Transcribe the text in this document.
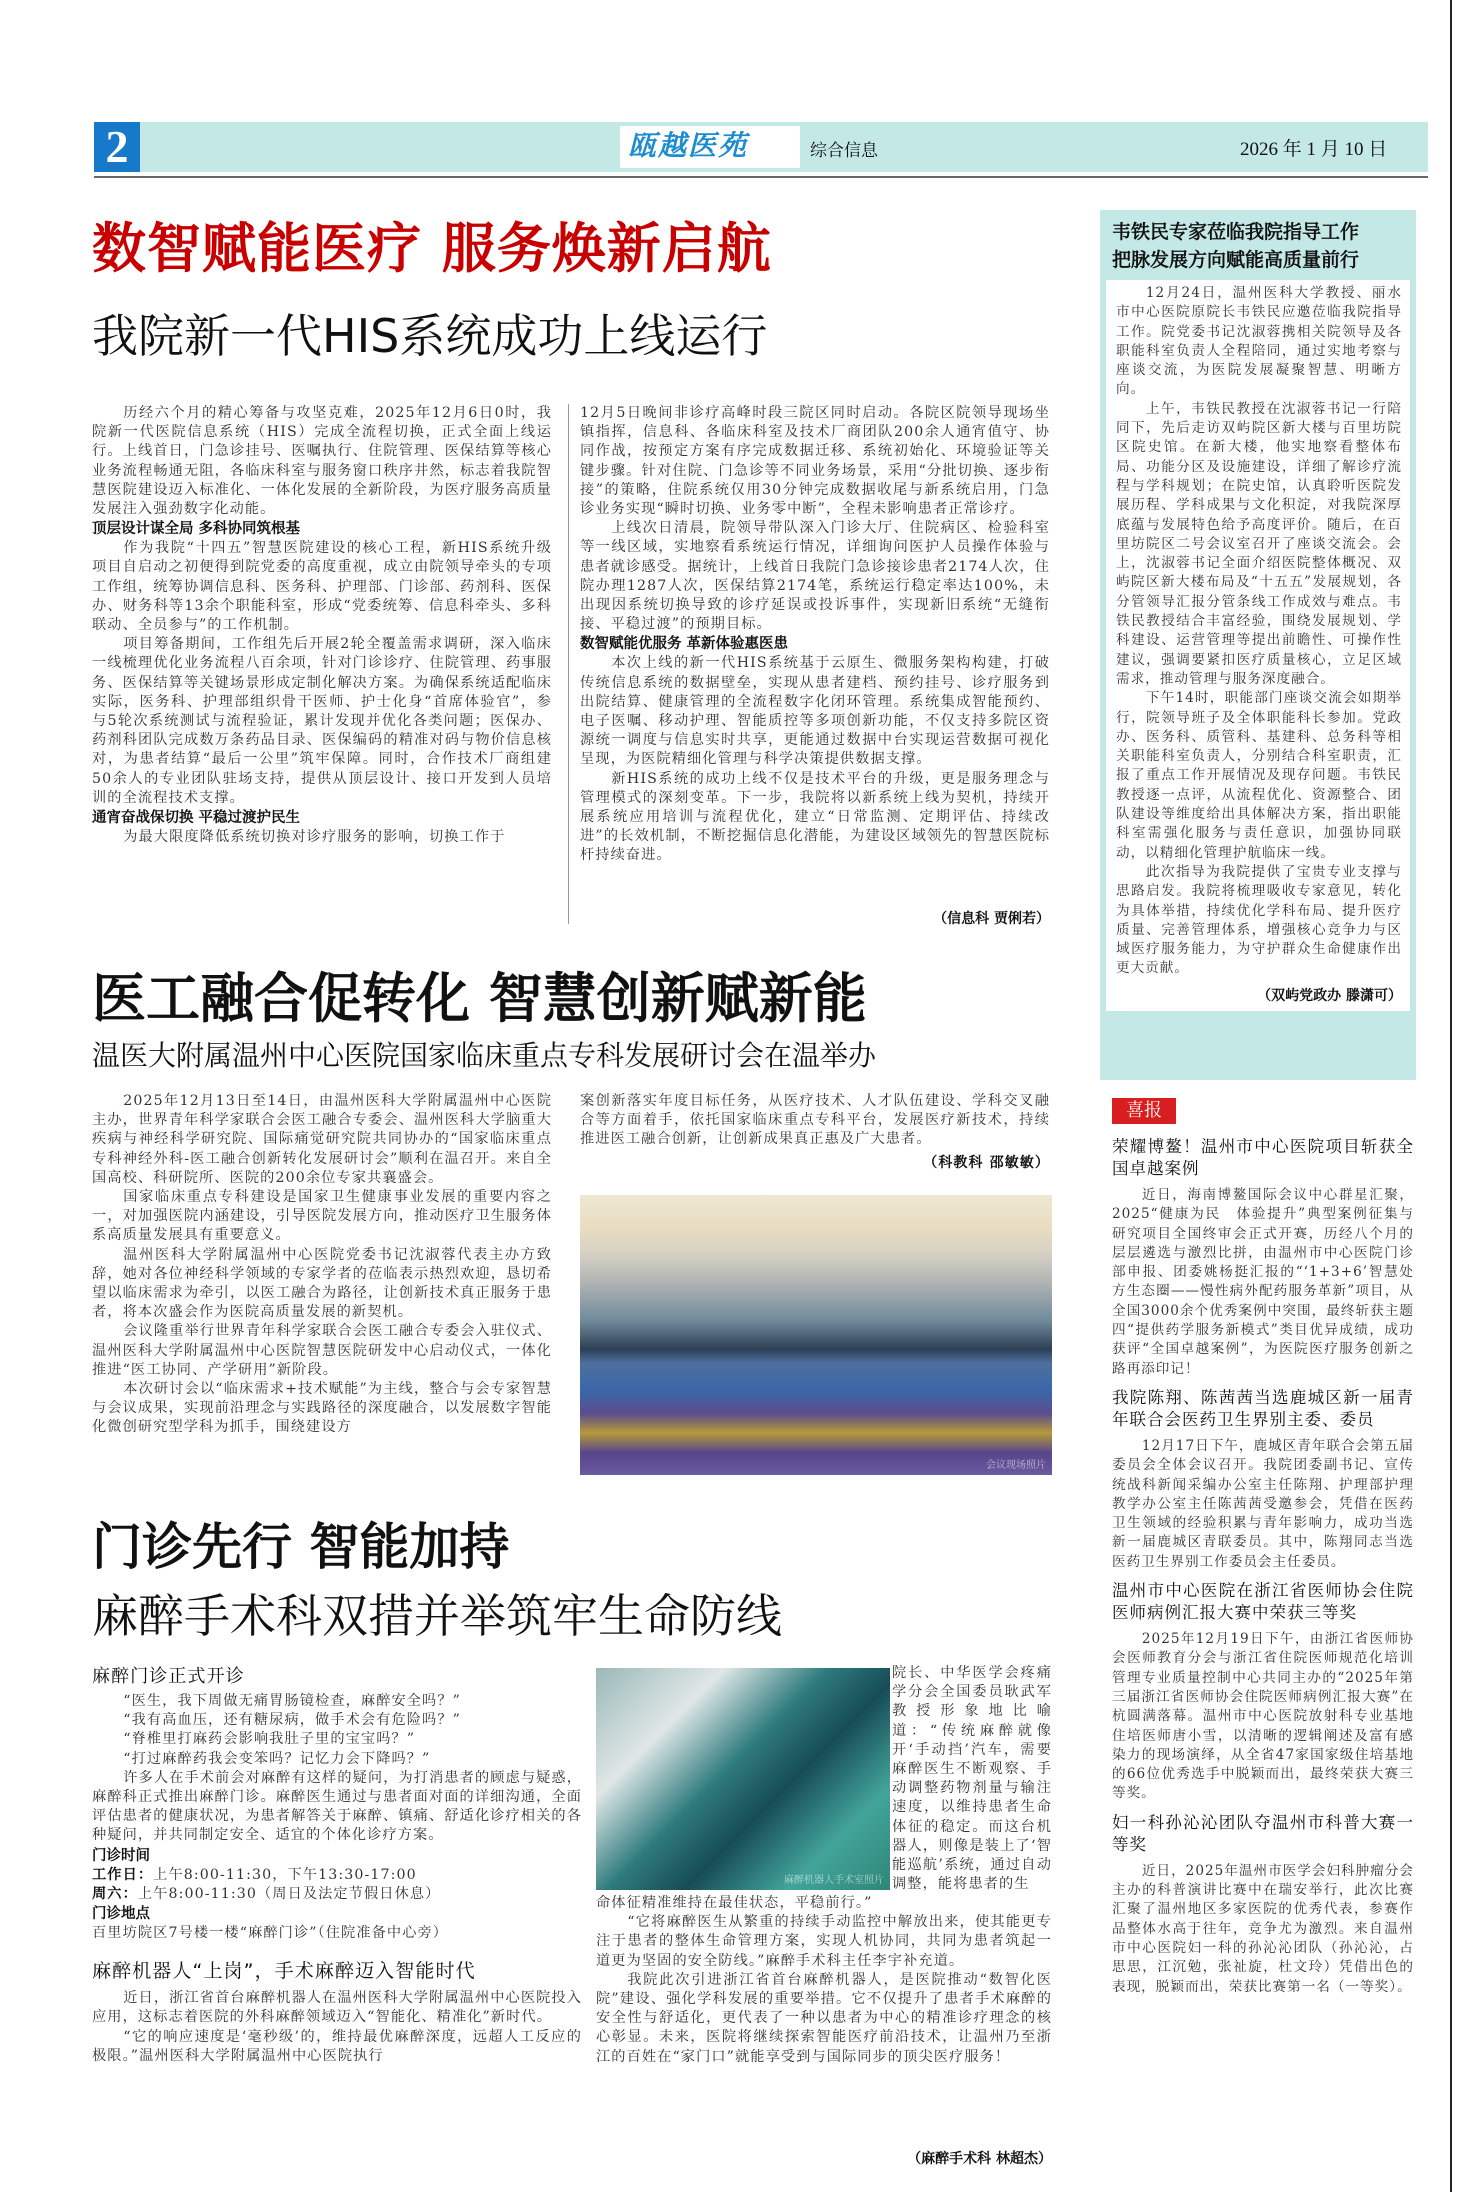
2	瓯越医苑	综合信息	2026 年 1 月 10 日
数智赋能医疗 服务焕新启航
我院新一代HIS系统成功上线运行

历经六个月的精心筹备与攻坚克难，2025年12月6日0时，我院新一代医院信息系统（HIS）完成全流程切换，正式全面上线运行。上线首日，门急诊挂号、医嘱执行、住院管理、医保结算等核心业务流程畅通无阻，各临床科室与服务窗口秩序井然，标志着我院智慧医院建设迈入标准化、一体化发展的全新阶段，为医疗服务高质量发展注入强劲数字化动能。

顶层设计谋全局 多科协同筑根基

作为我院“十四五”智慧医院建设的核心工程，新HIS系统升级项目自启动之初便得到院党委的高度重视，成立由院领导牵头的专项工作组，统筹协调信息科、医务科、护理部、门诊部、药剂科、医保办、财务科等13余个职能科室，形成“党委统筹、信息科牵头、多科联动、全员参与”的工作机制。

项目筹备期间，工作组先后开展2轮全覆盖需求调研，深入临床一线梳理优化业务流程八百余项，针对门诊诊疗、住院管理、药事服务、医保结算等关键场景形成定制化解决方案。为确保系统适配临床实际，医务科、护理部组织骨干医师、护士化身“首席体验官”，参与5轮次系统测试与流程验证，累计发现并优化各类问题；医保办、药剂科团队完成数万条药品目录、医保编码的精准对码与物价信息核对，为患者结算“最后一公里”筑牢保障。同时，合作技术厂商组建50余人的专业团队驻场支持，提供从顶层设计、接口开发到人员培训的全流程技术支撑。

通宵奋战保切换 平稳过渡护民生

为最大限度降低系统切换对诊疗服务的影响，切换工作于

12月5日晚间非诊疗高峰时段三院区同时启动。各院区院领导现场坐镇指挥，信息科、各临床科室及技术厂商团队200余人通宵值守、协同作战，按预定方案有序完成数据迁移、系统初始化、环境验证等关键步骤。针对住院、门急诊等不同业务场景，采用“分批切换、逐步衔接”的策略，住院系统仅用30分钟完成数据收尾与新系统启用，门急诊业务实现“瞬时切换、业务零中断”，全程未影响患者正常诊疗。

上线次日清晨，院领导带队深入门诊大厅、住院病区、检验科室等一线区域，实地察看系统运行情况，详细询问医护人员操作体验与患者就诊感受。据统计，上线首日我院门急诊接诊患者2174人次，住院办理1287人次，医保结算2174笔，系统运行稳定率达100%，未出现因系统切换导致的诊疗延误或投诉事件，实现新旧系统“无缝衔接、平稳过渡”的预期目标。

数智赋能优服务 革新体验惠医患

本次上线的新一代HIS系统基于云原生、微服务架构构建，打破传统信息系统的数据壁垒，实现从患者建档、预约挂号、诊疗服务到出院结算、健康管理的全流程数字化闭环管理。系统集成智能预约、电子医嘱、移动护理、智能质控等多项创新功能，不仅支持多院区资源统一调度与信息实时共享，更能通过数据中台实现运营数据可视化呈现，为医院精细化管理与科学决策提供数据支撑。

新HIS系统的成功上线不仅是技术平台的升级，更是服务理念与管理模式的深刻变革。下一步，我院将以新系统上线为契机，持续开展系统应用培训与流程优化，建立“日常监测、定期评估、持续改进”的长效机制，不断挖掘信息化潜能，为建设区域领先的智慧医院标杆持续奋进。

（信息科 贾俐若）
韦铁民专家莅临我院指导工作
把脉发展方向赋能高质量前行

12月24日，温州医科大学教授、丽水市中心医院原院长韦铁民应邀莅临我院指导工作。院党委书记沈淑蓉携相关院领导及各职能科室负责人全程陪同，通过实地考察与座谈交流，为医院发展凝聚智慧、明晰方向。

上午，韦铁民教授在沈淑蓉书记一行陪同下，先后走访双屿院区新大楼与百里坊院区院史馆。在新大楼，他实地察看整体布局、功能分区及设施建设，详细了解诊疗流程与学科规划；在院史馆，认真聆听医院发展历程、学科成果与文化积淀，对我院深厚底蕴与发展特色给予高度评价。随后，在百里坊院区二号会议室召开了座谈交流会。会上，沈淑蓉书记全面介绍医院整体概况、双屿院区新大楼布局及“十五五”发展规划，各分管领导汇报分管条线工作成效与难点。韦铁民教授结合丰富经验，围绕发展规划、学科建设、运营管理等提出前瞻性、可操作性建议，强调要紧扣医疗质量核心，立足区域需求，推动管理与服务深度融合。

下午14时，职能部门座谈交流会如期举行，院领导班子及全体职能科长参加。党政办、医务科、质管科、基建科、总务科等相关职能科室负责人，分别结合科室职责，汇报了重点工作开展情况及现存问题。韦铁民教授逐一点评，从流程优化、资源整合、团队建设等维度给出具体解决方案，指出职能科室需强化服务与责任意识，加强协同联动，以精细化管理护航临床一线。

此次指导为我院提供了宝贵专业支撑与思路启发。我院将梳理吸收专家意见，转化为具体举措，持续优化学科布局、提升医疗质量、完善管理体系，增强核心竞争力与区域医疗服务能力，为守护群众生命健康作出更大贡献。

（双屿党政办 滕潇可）
医工融合促转化 智慧创新赋新能
温医大附属温州中心医院国家临床重点专科发展研讨会在温举办

2025年12月13日至14日，由温州医科大学附属温州中心医院主办，世界青年科学家联合会医工融合专委会、温州医科大学脑重大疾病与神经科学研究院、国际痛觉研究院共同协办的“国家临床重点专科神经外科-医工融合创新转化发展研讨会”顺利在温召开。来自全国高校、科研院所、医院的200余位专家共襄盛会。

国家临床重点专科建设是国家卫生健康事业发展的重要内容之一，对加强医院内涵建设，引导医院发展方向，推动医疗卫生服务体系高质量发展具有重要意义。

温州医科大学附属温州中心医院党委书记沈淑蓉代表主办方致辞，她对各位神经科学领域的专家学者的莅临表示热烈欢迎，恳切希望以临床需求为牵引，以医工融合为路径，让创新技术真正服务于患者，将本次盛会作为医院高质量发展的新契机。

会议隆重举行世界青年科学家联合会医工融合专委会入驻仪式、温州医科大学附属温州中心医院智慧医院研发中心启动仪式，一体化推进“医工协同、产学研用”新阶段。

本次研讨会以“临床需求+技术赋能”为主线，整合与会专家智慧与会议成果，实现前沿理念与实践路径的深度融合，以发展数字智能化微创研究型学科为抓手，围绕建设方

案创新落实年度目标任务，从医疗技术、人才队伍建设、学科交叉融合等方面着手，依托国家临床重点专科平台，发展医疗新技术，持续推进医工融合创新，让创新成果真正惠及广大患者。

（科教科 邵敏敏）
会议现场照片
门诊先行 智能加持
麻醉手术科双措并举筑牢生命防线
麻醉门诊正式开诊
“医生，我下周做无痛胃肠镜检查，麻醉安全吗？”
“我有高血压，还有糖尿病，做手术会有危险吗？”
“脊椎里打麻药会影响我肚子里的宝宝吗？”
“打过麻醉药我会变笨吗？记忆力会下降吗？”

许多人在手术前会对麻醉有这样的疑问，为打消患者的顾虑与疑惑，麻醉科正式推出麻醉门诊。麻醉医生通过与患者面对面的详细沟通，全面评估患者的健康状况，为患者解答关于麻醉、镇痛、舒适化诊疗相关的各种疑问，并共同制定安全、适宜的个体化诊疗方案。

门诊时间
工作日：上午8:00-11:30，下午13:30-17:00
周六：上午8:00-11:30（周日及法定节假日休息）
门诊地点
百里坊院区7号楼一楼“麻醉门诊”（住院准备中心旁）
麻醉机器人“上岗”，手术麻醉迈入智能时代

近日，浙江省首台麻醉机器人在温州医科大学附属温州中心医院投入应用，这标志着医院的外科麻醉领域迈入“智能化、精准化”新时代。

“它的响应速度是‘毫秒级’的，维持最优麻醉深度，远超人工反应的极限。”温州医科大学附属温州中心医院执行

麻醉机器人手术室照片

院长、中华医学会疼痛学分会全国委员耿武军教授形象地比喻道：“传统麻醉就像开‘手动挡’汽车，需要麻醉医生不断观察、手动调整药物剂量与输注速度，以维持患者生命体征的稳定。而这台机器人，则像是装上了‘智能巡航’系统，通过自动调整，能将患者的生

命体征精准维持在最佳状态，平稳前行。”

“它将麻醉医生从繁重的持续手动监控中解放出来，使其能更专注于患者的整体生命管理方案，实现人机协同，共同为患者筑起一道更为坚固的安全防线。”麻醉手术科主任李宇补充道。

我院此次引进浙江省首台麻醉机器人，是医院推动“数智化医院”建设、强化学科发展的重要举措。它不仅提升了患者手术麻醉的安全性与舒适化，更代表了一种以患者为中心的精准诊疗理念的核心彰显。未来，医院将继续探索智能医疗前沿技术，让温州乃至浙江的百姓在“家门口”就能享受到与国际同步的顶尖医疗服务！

（麻醉手术科 林超杰）
喜报
荣耀博鳌！温州市中心医院项目斩获全国卓越案例

近日，海南博鳌国际会议中心群星汇聚，2025“健康为民　体验提升”典型案例征集与研究项目全国终审会正式开赛，历经八个月的层层遴选与激烈比拼，由温州市中心医院门诊部申报、团委姚杨挺汇报的“‘1+3+6’智慧处方生态圈——慢性病外配药服务革新”项目，从全国3000余个优秀案例中突围，最终斩获主题四“提供药学服务新模式”类目优异成绩，成功获评“全国卓越案例”，为医院医疗服务创新之路再添印记！

我院陈翔、陈茜茜当选鹿城区新一届青年联合会医药卫生界别主委、委员

12月17日下午，鹿城区青年联合会第五届委员会全体会议召开。我院团委副书记、宣传统战科新闻采编办公室主任陈翔、护理部护理教学办公室主任陈茜茜受邀参会，凭借在医药卫生领域的经验积累与青年影响力，成功当选新一届鹿城区青联委员。其中，陈翔同志当选医药卫生界别工作委员会主任委员。

温州市中心医院在浙江省医师协会住院医师病例汇报大赛中荣获三等奖

2025年12月19日下午，由浙江省医师协会医师教育分会与浙江省住院医师规范化培训管理专业质量控制中心共同主办的“2025年第三届浙江省医师协会住院医师病例汇报大赛”在杭圆满落幕。温州市中心医院放射科专业基地住培医师唐小雪，以清晰的逻辑阐述及富有感染力的现场演绎，从全省47家国家级住培基地的66位优秀选手中脱颖而出，最终荣获大赛三等奖。

妇一科孙沁沁团队夺温州市科普大赛一等奖

近日，2025年温州市医学会妇科肿瘤分会主办的科普演讲比赛中在瑞安举行，此次比赛汇聚了温州地区多家医院的优秀代表，参赛作品整体水高于往年，竞争尤为激烈。来自温州市中心医院妇一科的孙沁沁团队（孙沁沁，占思思，江沉勉，张祉旋，杜文玲）凭借出色的表现，脱颖而出，荣获比赛第一名（一等奖）。
